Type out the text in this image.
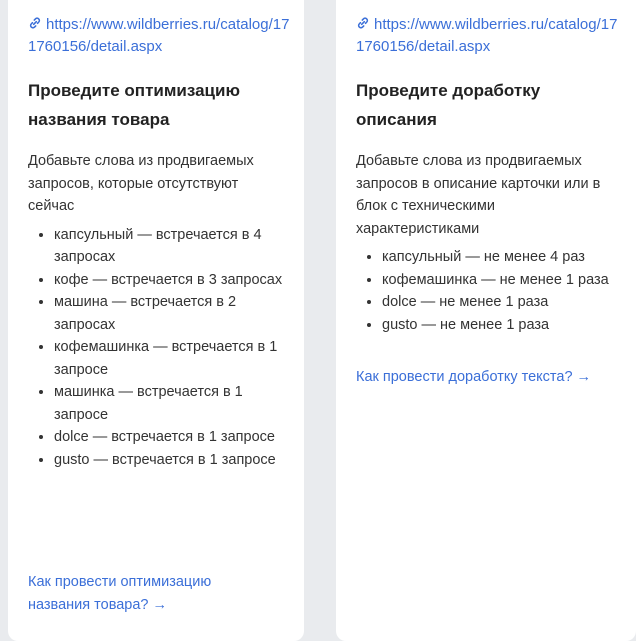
https://www.wildberries.ru/catalog/171760156/detail.aspx
Проведите оптимизацию названия товара

Добавьте слова из продвигаемых запросов, которые отсутствуют сейчас

• капсульный — встречается в 4 запросах
• кофе — встречается в 3 запросах
• машина — встречается в 2 запросах
• кофемашинка — встречается в 1 запросе
• машинка — встречается в 1 запросе
• dolce — встречается в 1 запросе
• gusto — встречается в 1 запросе
Как провести оптимизацию названия товара? →
https://www.wildberries.ru/catalog/171760156/detail.aspx
Проведите доработку описания

Добавьте слова из продвигаемых запросов в описание карточки или в блок с техническими характеристиками

• капсульный — не менее 4 раз
• кофемашинка — не менее 1 раза
• dolce — не менее 1 раза
• gusto — не менее 1 раза
Как провести доработку текста? →
